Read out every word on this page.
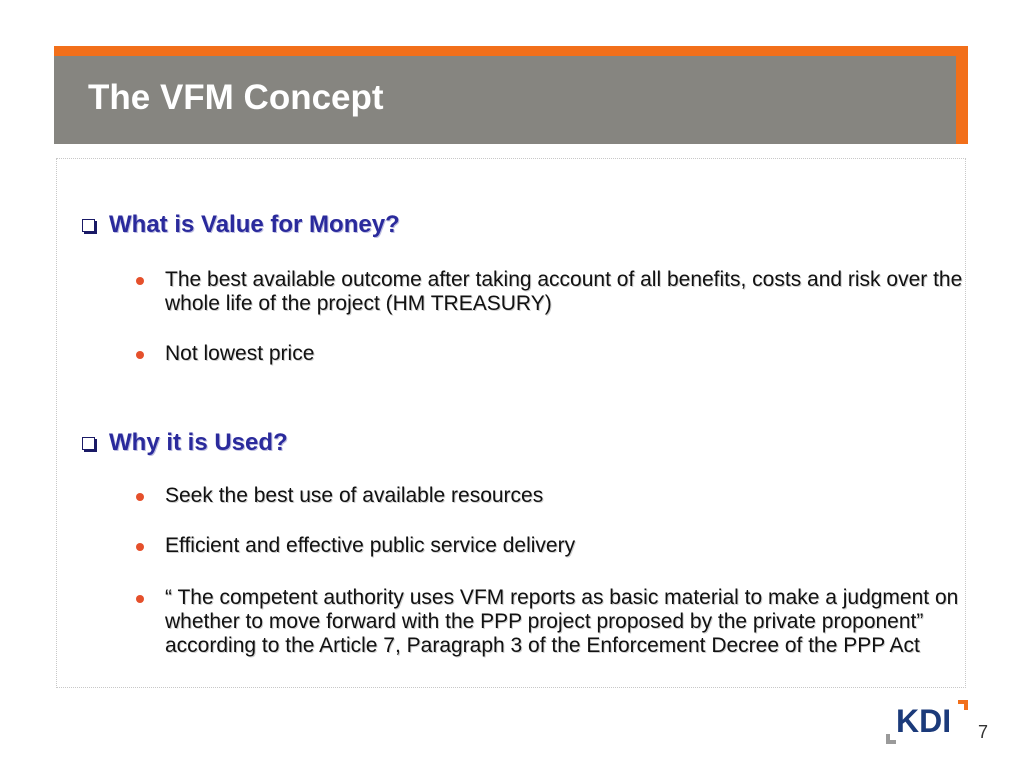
The VFM Concept
What is Value for Money?
The best available outcome after taking account of all benefits, costs and risk over the whole life of the project (HM TREASURY)
Not lowest price
Why it is Used?
Seek the best use of available resources
Efficient and effective public service delivery
“ The competent authority uses VFM reports as basic material to make a judgment on whether to move forward with the PPP project proposed by the private proponent” according to the Article 7, Paragraph 3 of the Enforcement Decree of the PPP Act
KDI 7
